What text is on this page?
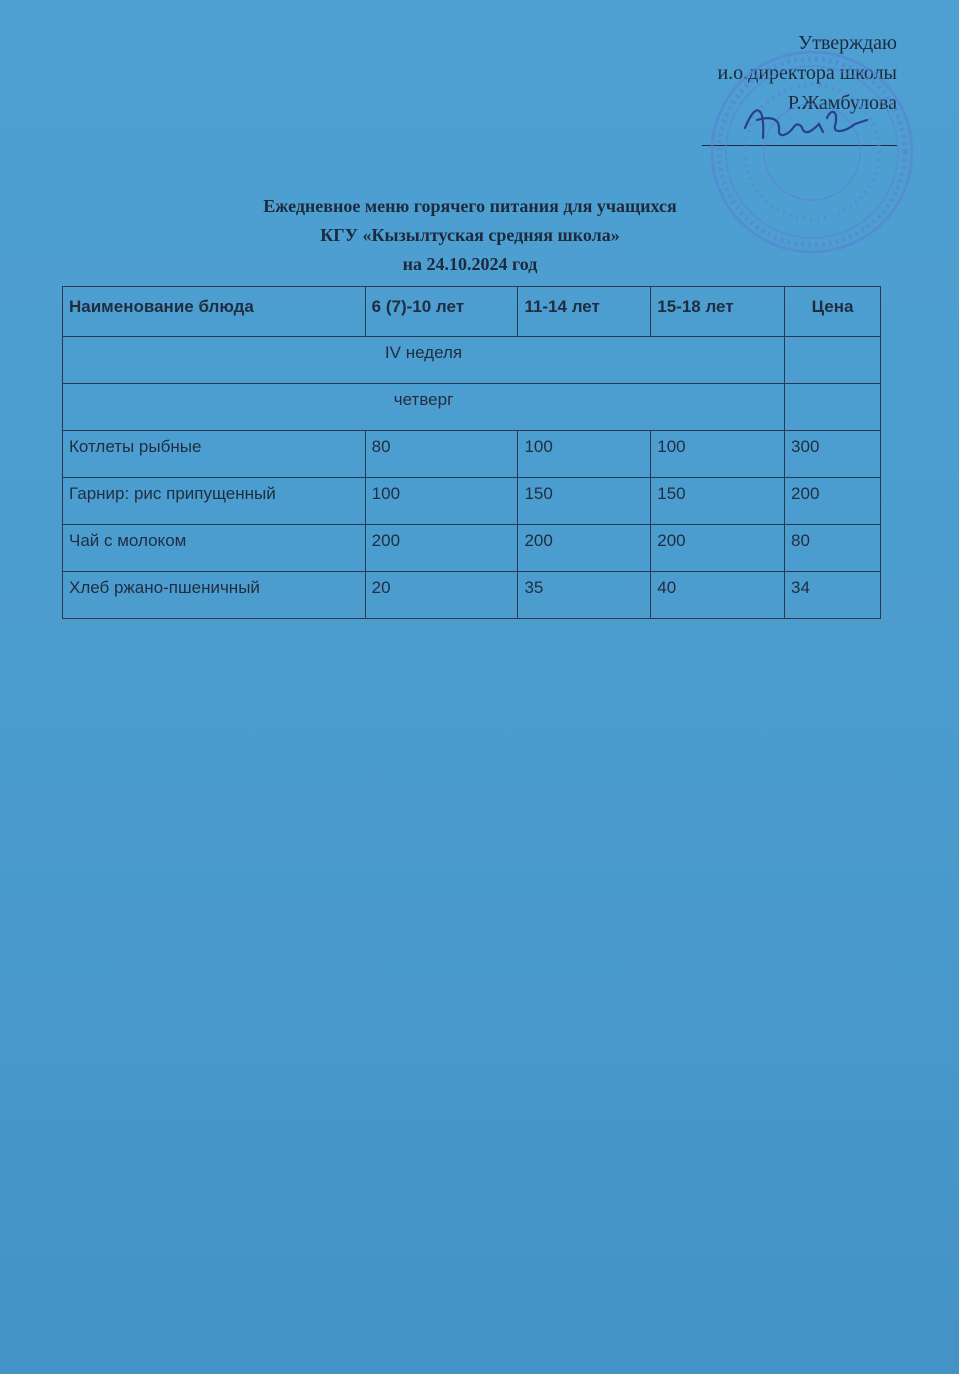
Утверждаю
и.о.директора школы
Р.Жамбулова
Ежедневное меню горячего питания для учащихся
КГУ «Кызылтуская средняя школа»
на 24.10.2024 год
Наименование блюда	6 (7)-10 лет	11-14 лет	15-18 лет	Цена
IV неделя				
четверг				
Котлеты рыбные	80	100	100	300
Гарнир: рис припущенный	100	150	150	200
Чай с молоком	200	200	200	80
Хлеб ржано-пшеничный	20	35	40	34
